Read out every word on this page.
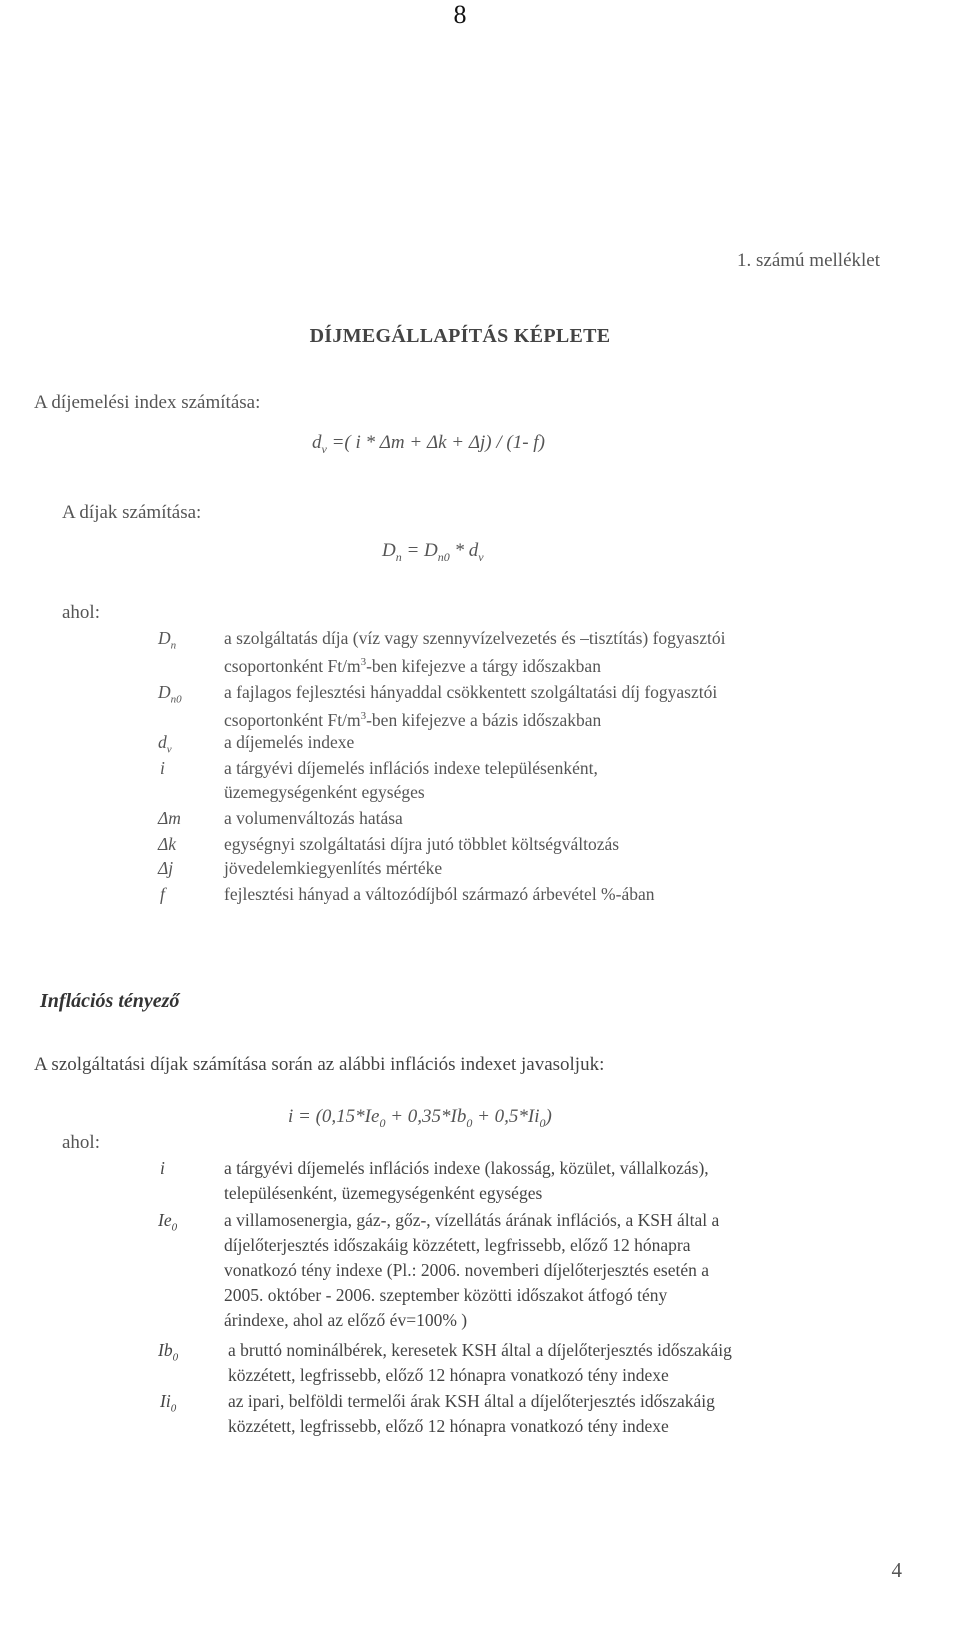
8
1. számú melléklet
DÍJMEGÁLLAPÍTÁS KÉPLETE
A díjemelési index számítása:
$d_v$ =( i * Δm + Δk + Δj) / (1- f)
A díjak számítása:
$D_n = D_{n0} * d_v$
ahol:
$D_n$	a szolgáltatás díja (víz vagy szennyvízelvezetés és –tisztítás) fogyasztói
csoportonként $Ft/m^3$-ben kifejezve a tárgy időszakban
$D_{n0}$ a fajlagos fejlesztési hányaddal csökkentett szolgáltatási díj fogyasztói
csoportonként $Ft/m^3$-ben kifejezve a bázis időszakban
$d_v$	a díjemelés indexe
i	a tárgyévi díjemelés inflációs indexe településenként,
üzemegységenként egységes
Δm a volumenváltozás hatása
Δk	egységnyi szolgáltatási díjra jutó többlet költségváltozás
Δj	jövedelemkiegyenlítés mértéke
f	fejlesztési hányad a változódíjból származó árbevétel %-ában
Inflációs tényező
A szolgáltatási díjak számítása során az alábbi inflációs indexet javasoljuk:
$i = (0,15*Ie_0 + 0,35*Ib_0 + 0,5*Ii_0)$
ahol:
i	a tárgyévi díjemelés inflációs indexe (lakosság, közület, vállalkozás),
településenként, üzemegységenként egységes
$Ie_0$	a villamosenergia, gáz-, gőz-, vízellátás árának inflációs, a KSH által a
díjelőterjesztés időszakáig közzétett, legfrissebb, előző 12 hónapra
vonatkozó tény indexe (Pl.: 2006. novemberi díjelőterjesztés esetén a
2005. október - 2006. szeptember közötti időszakot átfogó tény
árindexe, ahol az előző év=100% )
$Ib_0$	a bruttó nominálbérek, keresetek KSH által a díjelőterjesztés időszakáig
közzétett, legfrissebb, előző 12 hónapra vonatkozó tény indexe
$Ii_0$	az ipari, belföldi termelői árak KSH által a díjelőterjesztés időszakáig
közzétett, legfrissebb, előző 12 hónapra vonatkozó tény indexe
4
